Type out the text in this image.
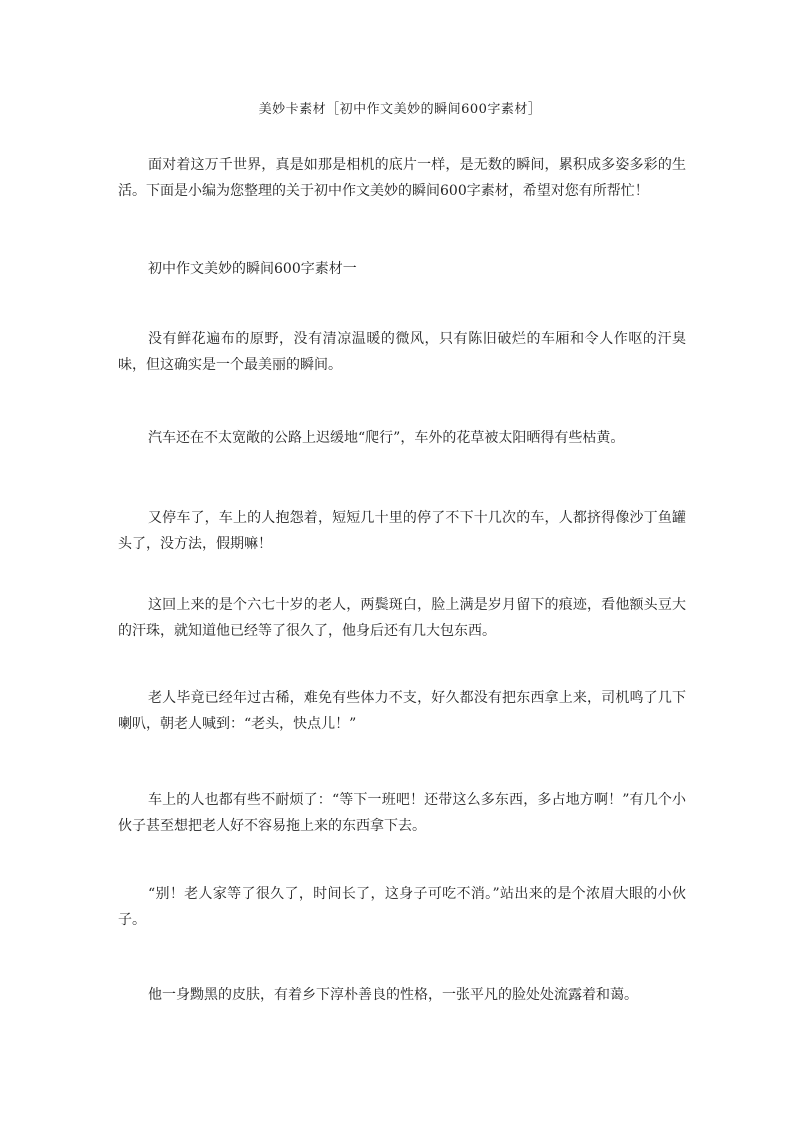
美妙卡素材［初中作文美妙的瞬间600字素材］

面对着这万千世界，真是如那是相机的底片一样，是无数的瞬间，累积成多姿多彩的生活。下面是小编为您整理的关于初中作文美妙的瞬间600字素材，希望对您有所帮忙！

初中作文美妙的瞬间600字素材一

没有鲜花遍布的原野，没有清凉温暖的微风，只有陈旧破烂的车厢和令人作呕的汗臭味，但这确实是一个最美丽的瞬间。

汽车还在不太宽敞的公路上迟缓地“爬行”，车外的花草被太阳晒得有些枯黄。

又停车了，车上的人抱怨着，短短几十里的停了不下十几次的车，人都挤得像沙丁鱼罐头了，没方法，假期嘛！

这回上来的是个六七十岁的老人，两鬓斑白，脸上满是岁月留下的痕迹，看他额头豆大的汗珠，就知道他已经等了很久了，他身后还有几大包东西。

老人毕竟已经年过古稀，难免有些体力不支，好久都没有把东西拿上来，司机鸣了几下喇叭，朝老人喊到：“老头，快点儿！”

车上的人也都有些不耐烦了：“等下一班吧！还带这么多东西，多占地方啊！”有几个小伙子甚至想把老人好不容易拖上来的东西拿下去。

“别！老人家等了很久了，时间长了，这身子可吃不消。”站出来的是个浓眉大眼的小伙子。

他一身黝黑的皮肤，有着乡下淳朴善良的性格，一张平凡的脸处处流露着和蔼。
